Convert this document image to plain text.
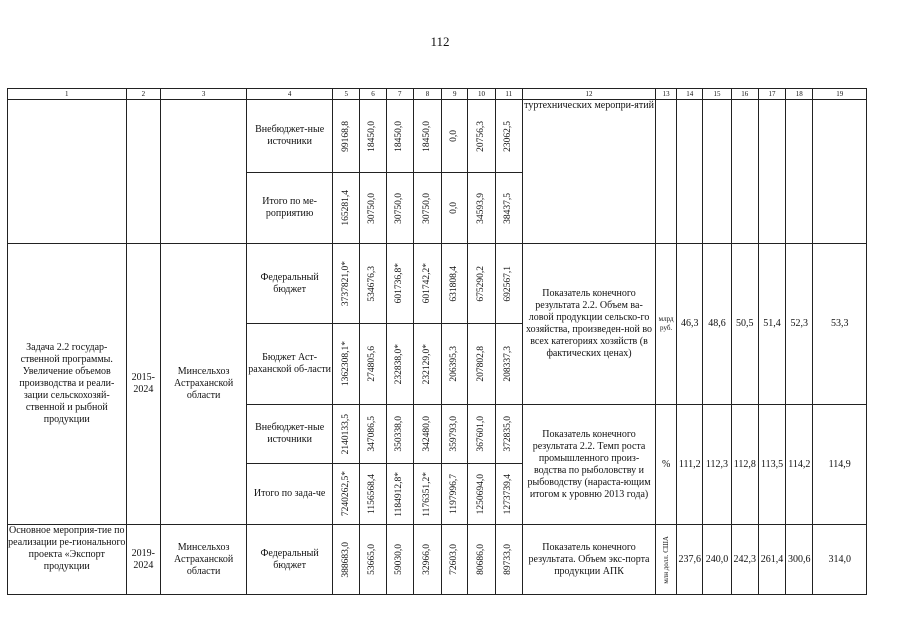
112
1	2	3	4	5	6	7	8	9	10	11	12	13	14	15	16	17	18	19
			Внебюджет-ные источники	99168,8	18450,0	18450,0	18450,0	0,0	20756,3	23062,5	туртехнических меропри-ятий							
			Итого по ме-роприятию	165281,4	30750,0	30750,0	30750,0	0,0	34593,9	38437,5								

Задача 2.2 государ-ственной программы. Увеличение объемов производства и реали-зации сельскохозяй-ственной и рыбной продукции	2015-2024	Минсельхоз Астраханской области	Федеральный бюджет	3737821,0*	534676,3	601736,8*	601742,2*	631808,4	675290,2	692567,1	Показатель конечного результата 2.2. Объем ва-ловой продукции сельско-го хозяйства, произведен-ной во всех категориях хозяйств (в фактических ценах)	млрд руб.	46,3	48,6	50,5	51,4	52,3	53,3
			Бюджет Аст-раханской об-ласти	1362308,1*	274805,6	232838,0*	232129,0*	206395,3	207802,8	208337,3								

			Внебюджет-ные источники	2140133,5	347086,5	350338,0	342480,0	359793,0	367601,0	372835,0	Показатель конечного результата 2.2. Темп роста промышленного произ-водства по рыболовству и рыбоводству (нараста-ющим итогом к уровню 2013 года)	%	111,2	112,3	112,8	113,5	114,2	114,9
			Итого по зада-че	7240262,5*	1156568,4	1184912,8*	1176351,2*	1197996,7	1250694,0	1273739,4								

Основное мероприя-тие по реализации ре-гионального проекта «Экспорт продукции	2019-2024	Минсельхоз Астраханской области	Федеральный бюджет	388683,0	53665,0	59030,0	32966,0	72603,0	80686,0	89733,0	Показатель конечного результата. Объем экс-порта продукции АПК	млн долл. США	237,6	240,0	242,3	261,4	300,6	314,0
